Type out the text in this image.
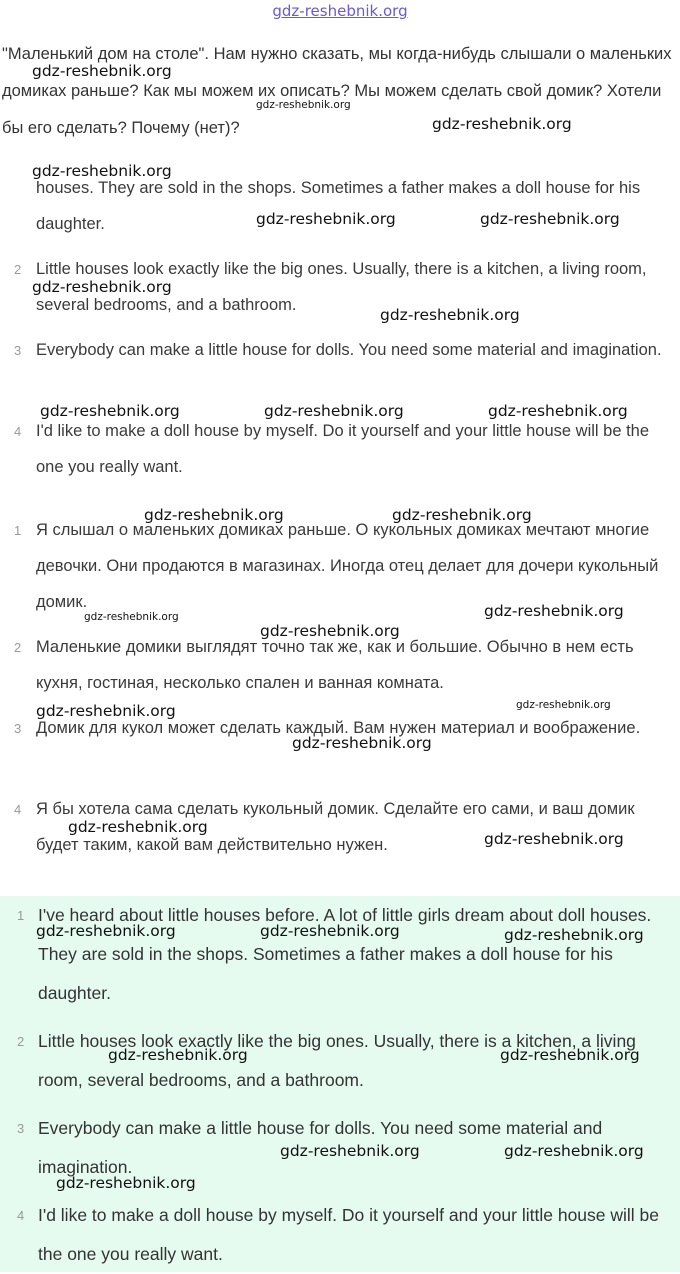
gdz-reshebnik.org
"Маленький дом на столе". Нам нужно сказать, мы когда-нибудь слышали о маленьких домиках раньше? Как мы можем их описать? Мы можем сделать свой домик? Хотели бы его сделать? Почему (нет)?
houses. They are sold in the shops. Sometimes a father makes a doll house for his daughter.
2 Little houses look exactly like the big ones. Usually, there is a kitchen, a living room, several bedrooms, and a bathroom.
3 Everybody can make a little house for dolls. You need some material and imagination.
4 I'd like to make a doll house by myself. Do it yourself and your little house will be the one you really want.
1 Я слышал о маленьких домиках раньше. О кукольных домиках мечтают многие девочки. Они продаются в магазинах. Иногда отец делает для дочери кукольный домик.
2 Маленькие домики выглядят точно так же, как и большие. Обычно в нем есть кухня, гостиная, несколько спален и ванная комната.
3 Домик для кукол может сделать каждый. Вам нужен материал и воображение.
4 Я бы хотела сама сделать кукольный домик. Сделайте его сами, и ваш домик будет таким, какой вам действительно нужен.
1 I've heard about little houses before. A lot of little girls dream about doll houses. They are sold in the shops. Sometimes a father makes a doll house for his daughter.
2 Little houses look exactly like the big ones. Usually, there is a kitchen, a living room, several bedrooms, and a bathroom.
3 Everybody can make a little house for dolls. You need some material and imagination.
4 I'd like to make a doll house by myself. Do it yourself and your little house will be the one you really want.
gdz-reshebnik.org
gdz-reshebnik.org
gdz-reshebnik.org
gdz-reshebnik.org
gdz-reshebnik.org	gdz-reshebnik.org
gdz-reshebnik.org
gdz-reshebnik.org
gdz-reshebnik.org	gdz-reshebnik.org	gdz-reshebnik.org
gdz-reshebnik.org	gdz-reshebnik.org
gdz-reshebnik.org
gdz-reshebnik.org
gdz-reshebnik.org
gdz-reshebnik.org
gdz-reshebnik.org
gdz-reshebnik.org
gdz-reshebnik.org
gdz-reshebnik.org
gdz-reshebnik.org	gdz-reshebnik.org	gdz-reshebnik.org
gdz-reshebnik.org	gdz-reshebnik.org
gdz-reshebnik.org	gdz-reshebnik.org
gdz-reshebnik.org
